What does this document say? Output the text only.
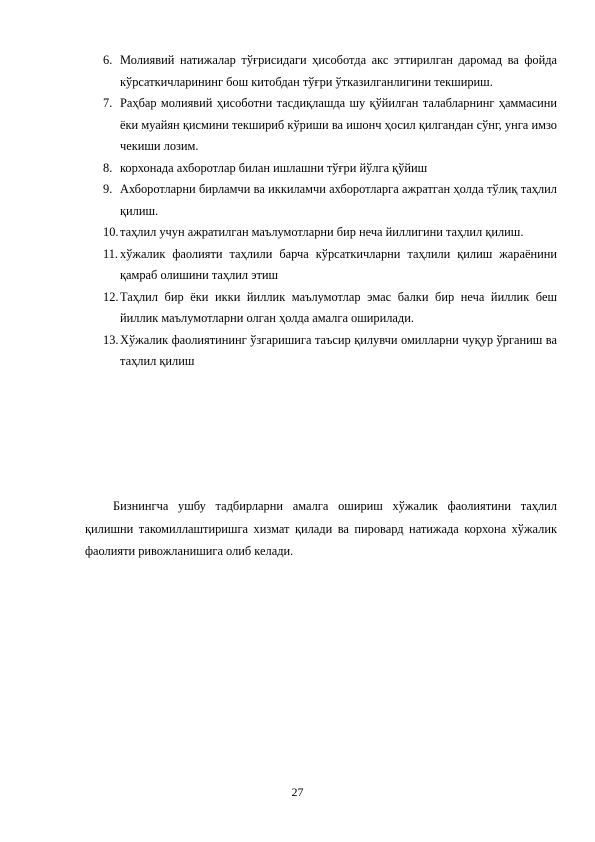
6. Молиявий натижалар тўғрисидаги ҳисоботда акс эттирилган даромад ва фойда кўрсаткичларининг бош китобдан тўғри ўтказилганлигини текшириш.
7. Раҳбар молиявий ҳисоботни тасдиқлашда шу қўйилган талабларнинг ҳаммасини ёки муайян қисмини текшириб кўриши ва ишонч ҳосил қилгандан сўнг, унга имзо чекиши лозим.
8. корхонада ахборотлар билан ишлашни тўғри йўлга қўйиш
9. Ахборотларни бирламчи ва иккиламчи ахборотларга ажратган ҳолда тўлиқ таҳлил қилиш.
10. таҳлил учун ажратилган маълумотларни бир неча йиллигини таҳлил қилиш.
11. хўжалик фаолияти таҳлили барча кўрсаткичларни таҳлили қилиш жараёнини қамраб олишини таҳлил этиш
12. Таҳлил бир ёки икки йиллик маълумотлар эмас балки бир неча йиллик беш йиллик маълумотларни олган ҳолда амалга оширилади.
13. Хўжалик фаолиятининг ўзгаришига таъсир қилувчи омилларни чуқур ўрганиш ва таҳлил қилиш

Бизнингча ушбу тадбирларни амалга ошириш хўжалик фаолиятини таҳлил қилишни такомиллаштиришга хизмат қилади ва пировард натижада корхона хўжалик фаолияти ривожланишига олиб келади.

27
